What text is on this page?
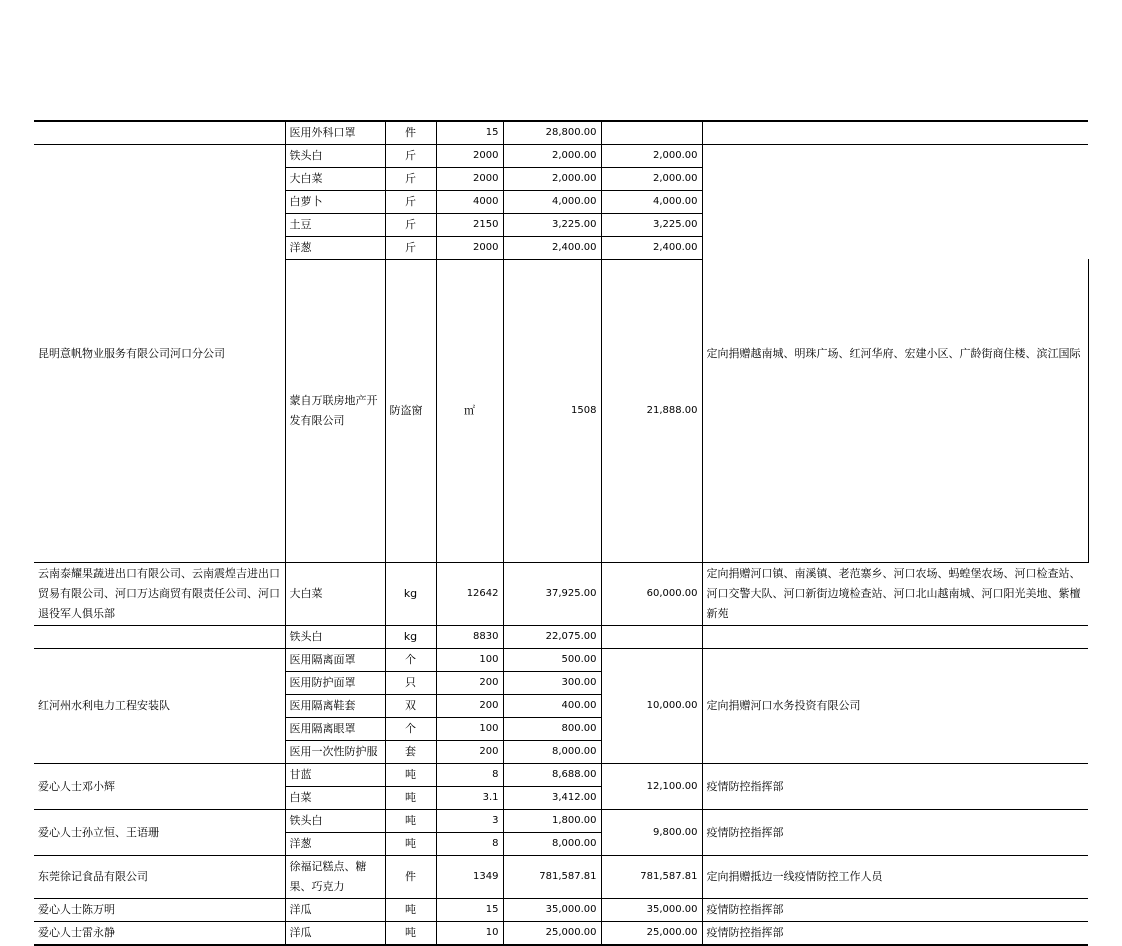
	医用外科口罩	件	15	28,800.00			
昆明意帆物业服务有限公司河口分公司	铁头白	斤	2000	2,000.00	2,000.00	定向捐赠越南城、明珠广场、红河华府、宏建小区、广龄街商住楼、滨江国际	
	大白菜	斤	2000	2,000.00	2,000.00		
	白萝卜	斤	4000	4,000.00	4,000.00		
	土豆	斤	2150	3,225.00	3,225.00		
	洋葱	斤	2000	2,400.00	2,400.00		
	蒙自万联房地产开发有限公司	防盗窗	㎡	1508	21,888.00		
云南泰耀果蔬进出口有限公司、云南震煌吉进出口贸易有限公司、河口万达商贸有限责任公司、河口退役军人俱乐部	大白菜	kg	12642	37,925.00	60,000.00	定向捐赠河口镇、南溪镇、老范寨乡、河口农场、蚂蝗堡农场、河口检查站、河口交警大队、河口新街边境检查站、河口北山越南城、河口阳光美地、紫檀新苑	
	铁头白	kg	8830	22,075.00			
红河州水利电力工程安装队	医用隔离面罩	个	100	500.00	10,000.00	定向捐赠河口水务投资有限公司	
	医用防护面罩	只	200	300.00			
	医用隔离鞋套	双	200	400.00			
	医用隔离眼罩	个	100	800.00			
	医用一次性防护服	套	200	8,000.00			
爱心人士邓小辉	甘蓝	吨	8	8,688.00	12,100.00	疫情防控指挥部	
	白菜	吨	3.1	3,412.00			
爱心人士孙立恒、王语珊	铁头白	吨	3	1,800.00	9,800.00	疫情防控指挥部	
	洋葱	吨	8	8,000.00			
东莞徐记食品有限公司	徐福记糕点、糖果、巧克力	件	1349	781,587.81	781,587.81	定向捐赠抵边一线疫情防控工作人员	
爱心人士陈万明	洋瓜	吨	15	35,000.00	35,000.00	疫情防控指挥部	
爱心人士雷永静	洋瓜	吨	10	25,000.00	25,000.00	疫情防控指挥部	
